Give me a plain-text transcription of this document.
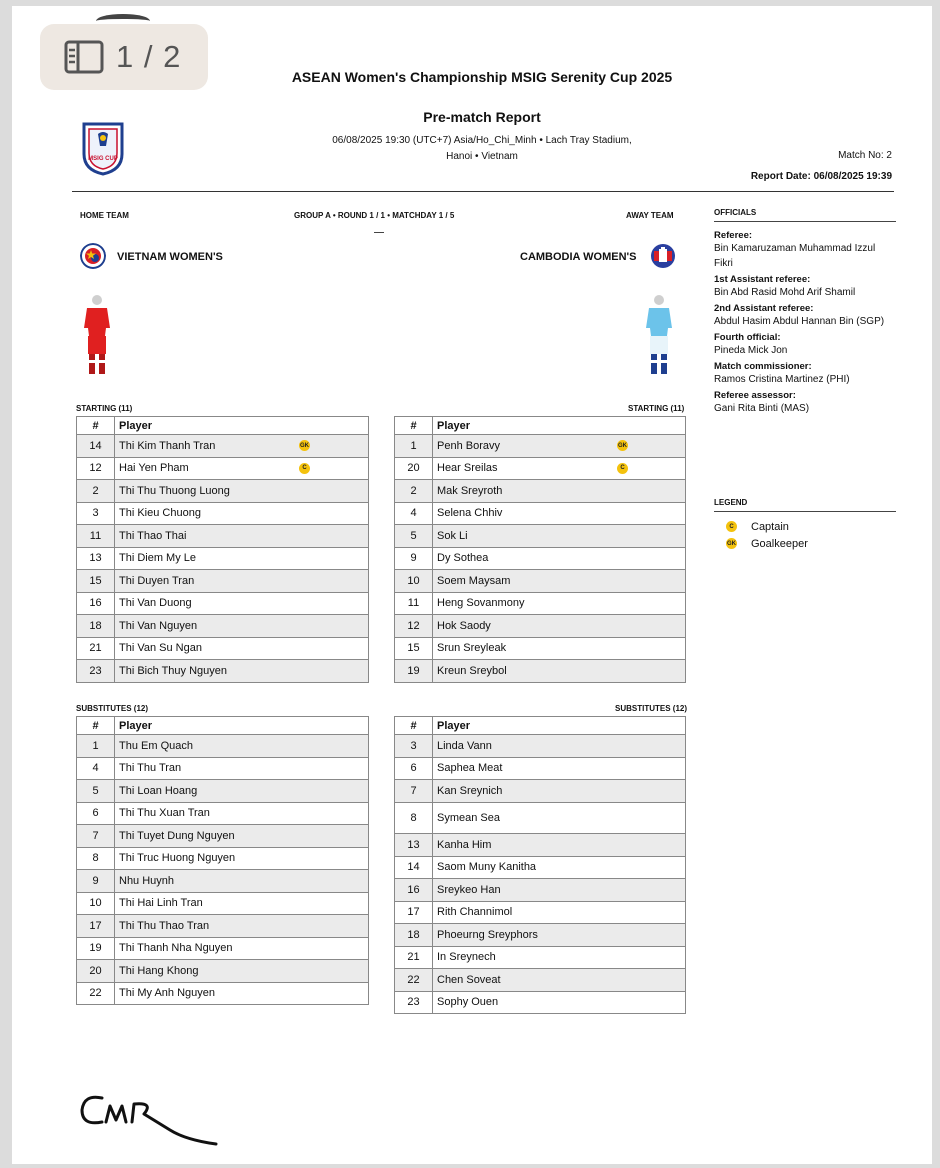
1 / 2
MSIG CUP
ASEAN Women's Championship MSIG Serenity Cup 2025
Pre-match Report
06/08/2025 19:30 (UTC+7) Asia/Ho_Chi_Minh • Lach Tray Stadium,
Hanoi • Vietnam	Match No: 2
Report Date: 06/08/2025 19:39
HOME TEAM	GROUP A • ROUND 1 / 1 • MATCHDAY 1 / 5	AWAY TEAM
VIETNAM WOMEN'S	CAMBODIA WOMEN'S
OFFICIALS
Referee:
Bin Kamaruzaman Muhammad Izzul Fikri
1st Assistant referee:
Bin Abd Rasid Mohd Arif Shamil
2nd Assistant referee:
Abdul Hasim Abdul Hannan Bin (SGP)
Fourth official:
Pineda Mick Jon
Match commissioner:
Ramos Cristina Martinez (PHI)
Referee assessor:
Gani Rita Binti (MAS)
LEGEND
C	Captain
GK Goalkeeper
STARTING (11)	STARTING (11)
SUBSTITUTES (12)	SUBSTITUTES (12)
#	Player
14	Thi Kim Thanh Tran GK

12	Hai Yen Pham C

2	Thi Thu Thuong Luong
3	Thi Kieu Chuong
11	Thi Thao Thai
13	Thi Diem My Le
15	Thi Duyen Tran
16	Thi Van Duong
18	Thi Van Nguyen
21	Thi Van Su Ngan
23	Thi Bich Thuy Nguyen
#	Player
1	Penh Boravy GK

20	Hear Sreilas C

2	Mak Sreyroth
4	Selena Chhiv
5	Sok Li
9	Dy Sothea
10	Soem Maysam
11	Heng Sovanmony
12	Hok Saody
15	Srun Sreyleak
19	Kreun Sreybol
#	Player
1	Thu Em Quach
4	Thi Thu Tran
5	Thi Loan Hoang
6	Thi Thu Xuan Tran
7	Thi Tuyet Dung Nguyen
8	Thi Truc Huong Nguyen
9	Nhu Huynh
10	Thi Hai Linh Tran
17	Thi Thu Thao Tran
19	Thi Thanh Nha Nguyen
20	Thi Hang Khong
22	Thi My Anh Nguyen
#	Player
3	Linda Vann
6	Saphea Meat
7	Kan Sreynich
8	Symean Sea
13	Kanha Him
14	Saom Muny Kanitha
16	Sreykeo Han
17	Rith Channimol
18	Phoeurng Sreyphors
21	In Sreynech
22	Chen Soveat
23	Sophy Ouen
